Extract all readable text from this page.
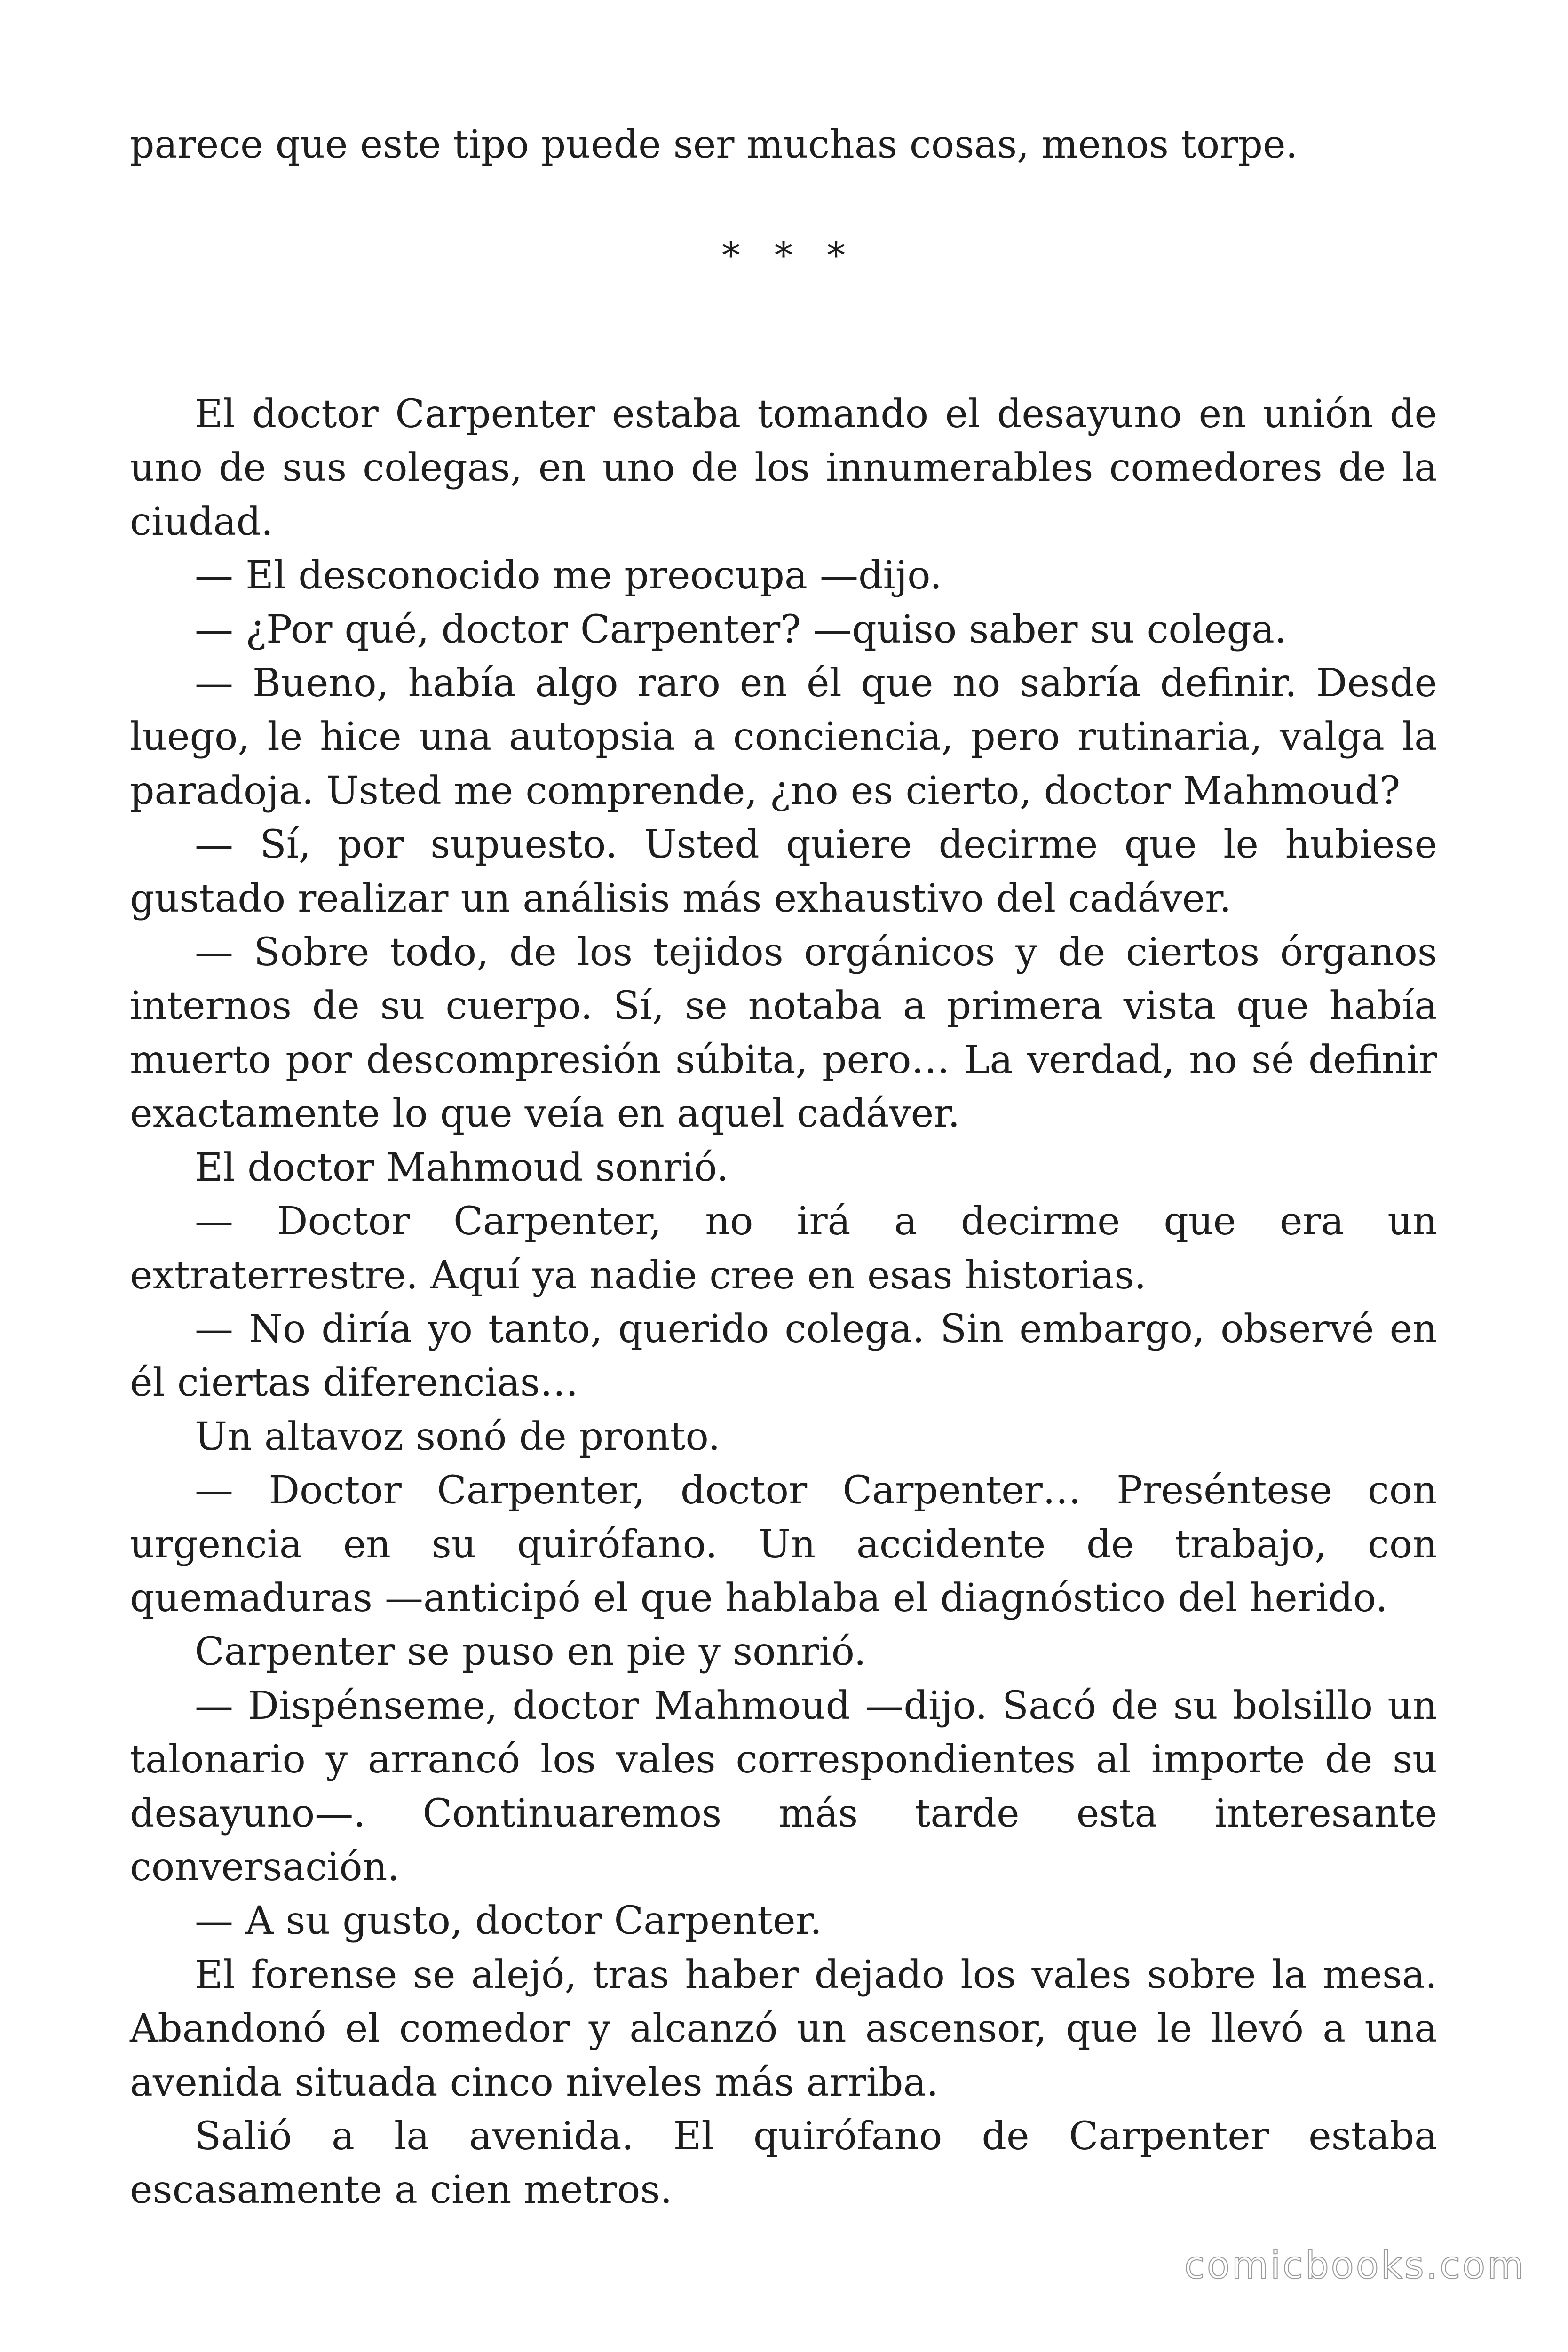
parece que este tipo puede ser muchas cosas, menos torpe.

* * *

El doctor Carpenter estaba tomando el desayuno en unión de uno de sus colegas, en uno de los innumerables comedores de la ciudad.

— El desconocido me preocupa —dijo.

— ¿Por qué, doctor Carpenter? —quiso saber su colega.

— Bueno, había algo raro en él que no sabría definir. Desde luego, le hice una autopsia a conciencia, pero rutinaria, valga la paradoja. Usted me comprende, ¿no es cierto, doctor Mahmoud?

— Sí, por supuesto. Usted quiere decirme que le hubiese gustado realizar un análisis más exhaustivo del cadáver.

— Sobre todo, de los tejidos orgánicos y de ciertos órganos internos de su cuerpo. Sí, se notaba a primera vista que había muerto por descompresión súbita, pero… La verdad, no sé definir exactamente lo que veía en aquel cadáver.

El doctor Mahmoud sonrió.

— Doctor Carpenter, no irá a decirme que era un extraterrestre. Aquí ya nadie cree en esas historias.

— No diría yo tanto, querido colega. Sin embargo, observé en él ciertas diferencias…

Un altavoz sonó de pronto.

— Doctor Carpenter, doctor Carpenter… Preséntese con urgencia en su quirófano. Un accidente de trabajo, con quemaduras —anticipó el que hablaba el diagnóstico del herido.

Carpenter se puso en pie y sonrió.

— Dispénseme, doctor Mahmoud —dijo. Sacó de su bolsillo un talonario y arrancó los vales correspondientes al importe de su desayuno—. Continuaremos más tarde esta interesante conversación.

— A su gusto, doctor Carpenter.

El forense se alejó, tras haber dejado los vales sobre la mesa. Abandonó el comedor y alcanzó un ascensor, que le llevó a una avenida situada cinco niveles más arriba.

Salió a la avenida. El quirófano de Carpenter estaba escasamente a cien metros.

comicbooks.com
